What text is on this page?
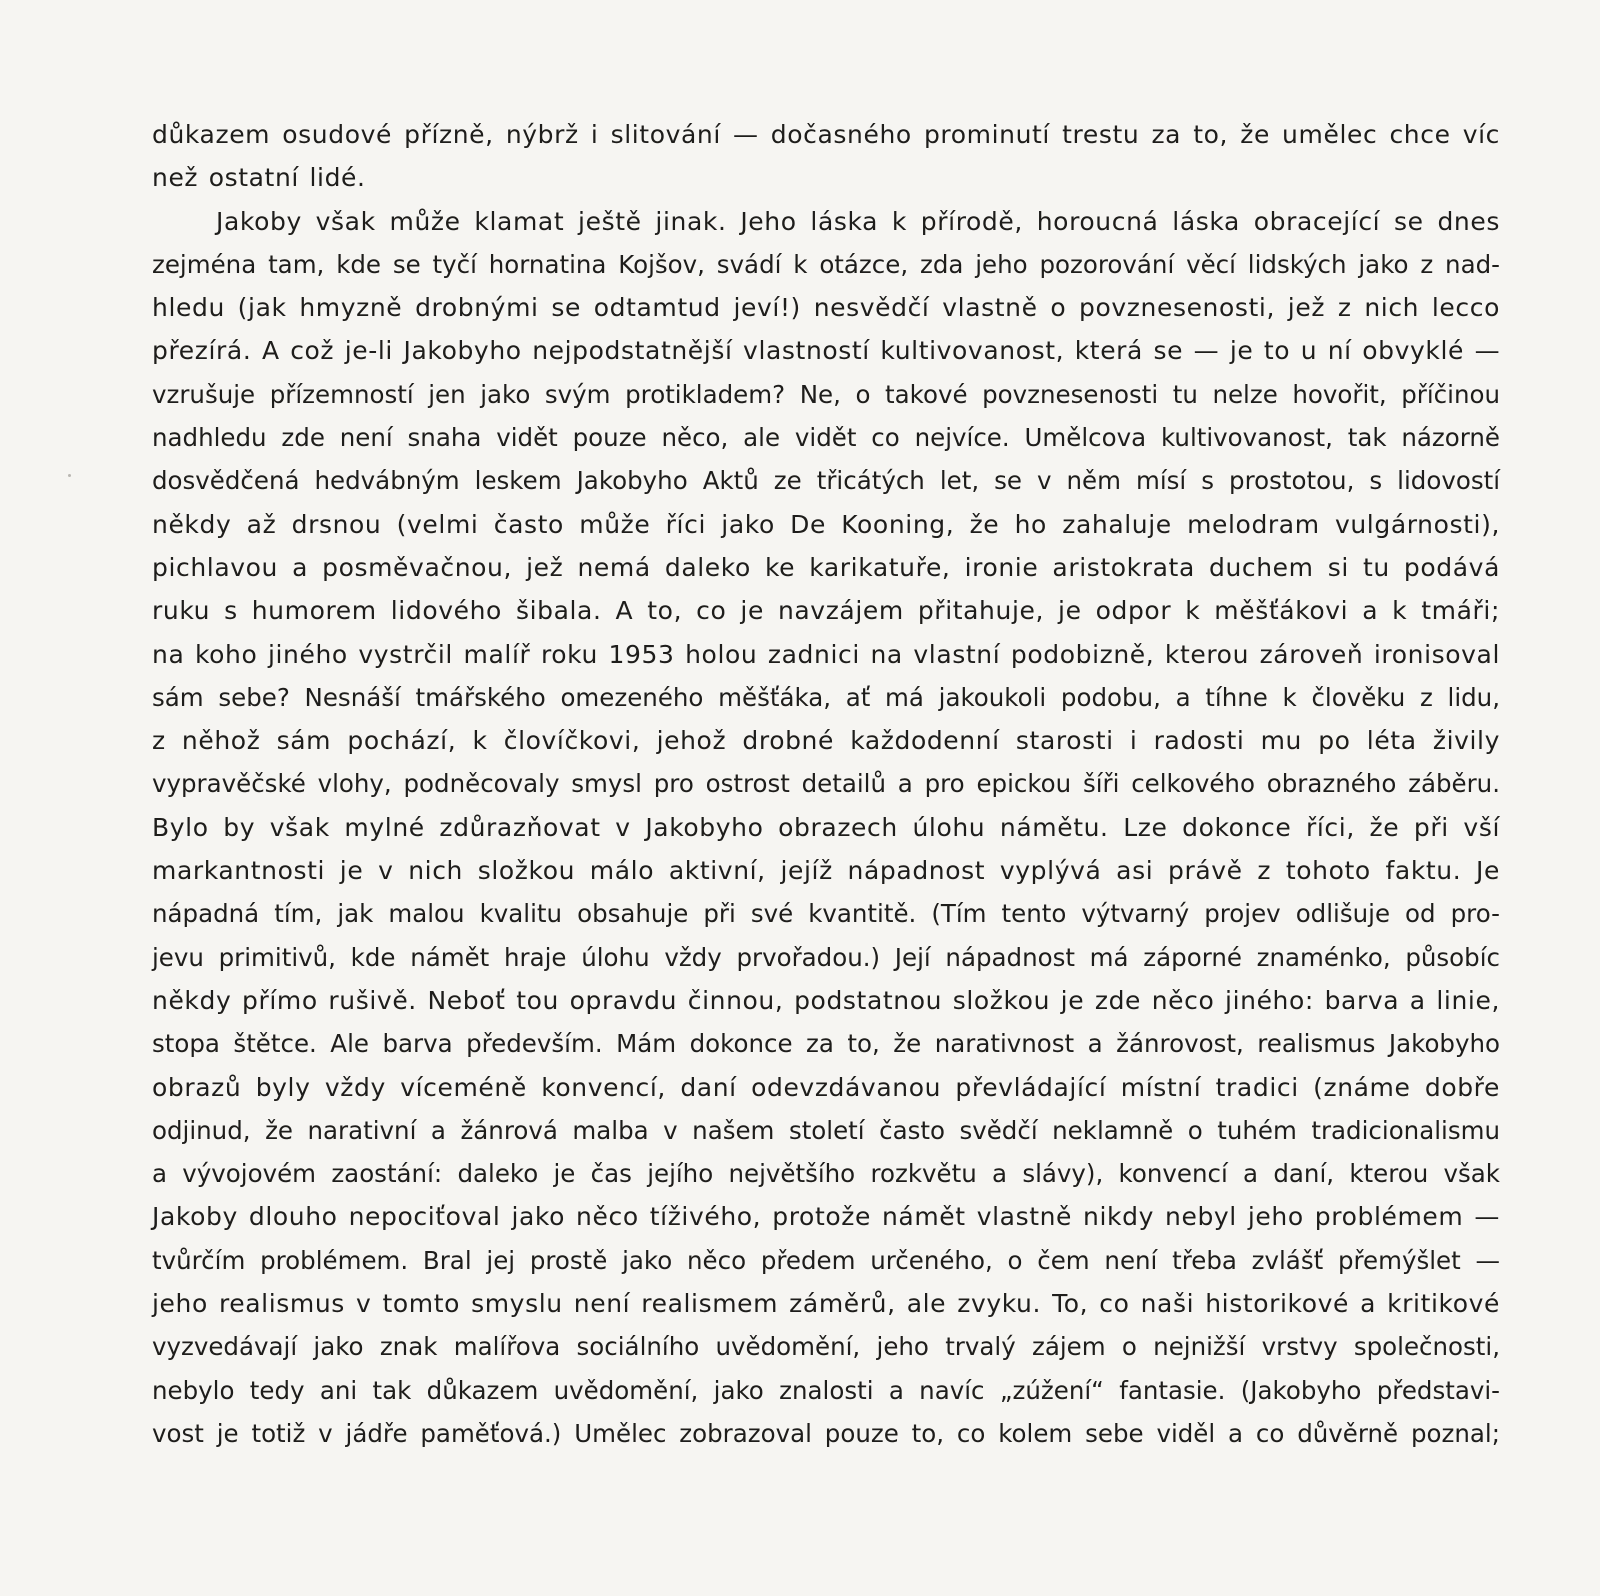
důkazem osudové přízně, nýbrž i slitování — dočasného prominutí trestu za to, že umělec chce víc
než ostatní lidé.
Jakoby však může klamat ještě jinak. Jeho láska k přírodě, horoucná láska obracející se dnes
zejména tam, kde se tyčí hornatina Kojšov, svádí k otázce, zda jeho pozorování věcí lidských jako z nad-
hledu (jak hmyzně drobnými se odtamtud jeví!) nesvědčí vlastně o povznesenosti, jež z nich lecco
přezírá. A což je-li Jakobyho nejpodstatnější vlastností kultivovanost, která se — je to u ní obvyklé —
vzrušuje přízemností jen jako svým protikladem? Ne, o takové povznesenosti tu nelze hovořit, příčinou
nadhledu zde není snaha vidět pouze něco, ale vidět co nejvíce. Umělcova kultivovanost, tak názorně
dosvědčená hedvábným leskem Jakobyho Aktů ze třicátých let, se v něm mísí s prostotou, s lidovostí
někdy až drsnou (velmi často může říci jako De Kooning, že ho zahaluje melodram vulgárnosti),
pichlavou a posměvačnou, jež nemá daleko ke karikatuře, ironie aristokrata duchem si tu podává
ruku s humorem lidového šibala. A to, co je navzájem přitahuje, je odpor k měšťákovi a k tmáři;
na koho jiného vystrčil malíř roku 1953 holou zadnici na vlastní podobizně, kterou zároveň ironisoval
sám sebe? Nesnáší tmářského omezeného měšťáka, ať má jakoukoli podobu, a tíhne k člověku z lidu,
z něhož sám pochází, k človíčkovi, jehož drobné každodenní starosti i radosti mu po léta živily
vypravěčské vlohy, podněcovaly smysl pro ostrost detailů a pro epickou šíři celkového obrazného záběru.
Bylo by však mylné zdůrazňovat v Jakobyho obrazech úlohu námětu. Lze dokonce říci, že při vší
markantnosti je v nich složkou málo aktivní, jejíž nápadnost vyplývá asi právě z tohoto faktu. Je
nápadná tím, jak malou kvalitu obsahuje při své kvantitě. (Tím tento výtvarný projev odlišuje od pro-
jevu primitivů, kde námět hraje úlohu vždy prvořadou.) Její nápadnost má záporné znaménko, působíc
někdy přímo rušivě. Neboť tou opravdu činnou, podstatnou složkou je zde něco jiného: barva a linie,
stopa štětce. Ale barva především. Mám dokonce za to, že narativnost a žánrovost, realismus Jakobyho
obrazů byly vždy víceméně konvencí, daní odevzdávanou převládající místní tradici (známe dobře
odjinud, že narativní a žánrová malba v našem století často svědčí neklamně o tuhém tradicionalismu
a vývojovém zaostání: daleko je čas jejího největšího rozkvětu a slávy), konvencí a daní, kterou však
Jakoby dlouho nepociťoval jako něco tíživého, protože námět vlastně nikdy nebyl jeho problémem —
tvůrčím problémem. Bral jej prostě jako něco předem určeného, o čem není třeba zvlášť přemýšlet —
jeho realismus v tomto smyslu není realismem záměrů, ale zvyku. To, co naši historikové a kritikové
vyzvedávají jako znak malířova sociálního uvědomění, jeho trvalý zájem o nejnižší vrstvy společnosti,
nebylo tedy ani tak důkazem uvědomění, jako znalosti a navíc „zúžení“ fantasie. (Jakobyho představi-
vost je totiž v jádře paměťová.) Umělec zobrazoval pouze to, co kolem sebe viděl a co důvěrně poznal;
